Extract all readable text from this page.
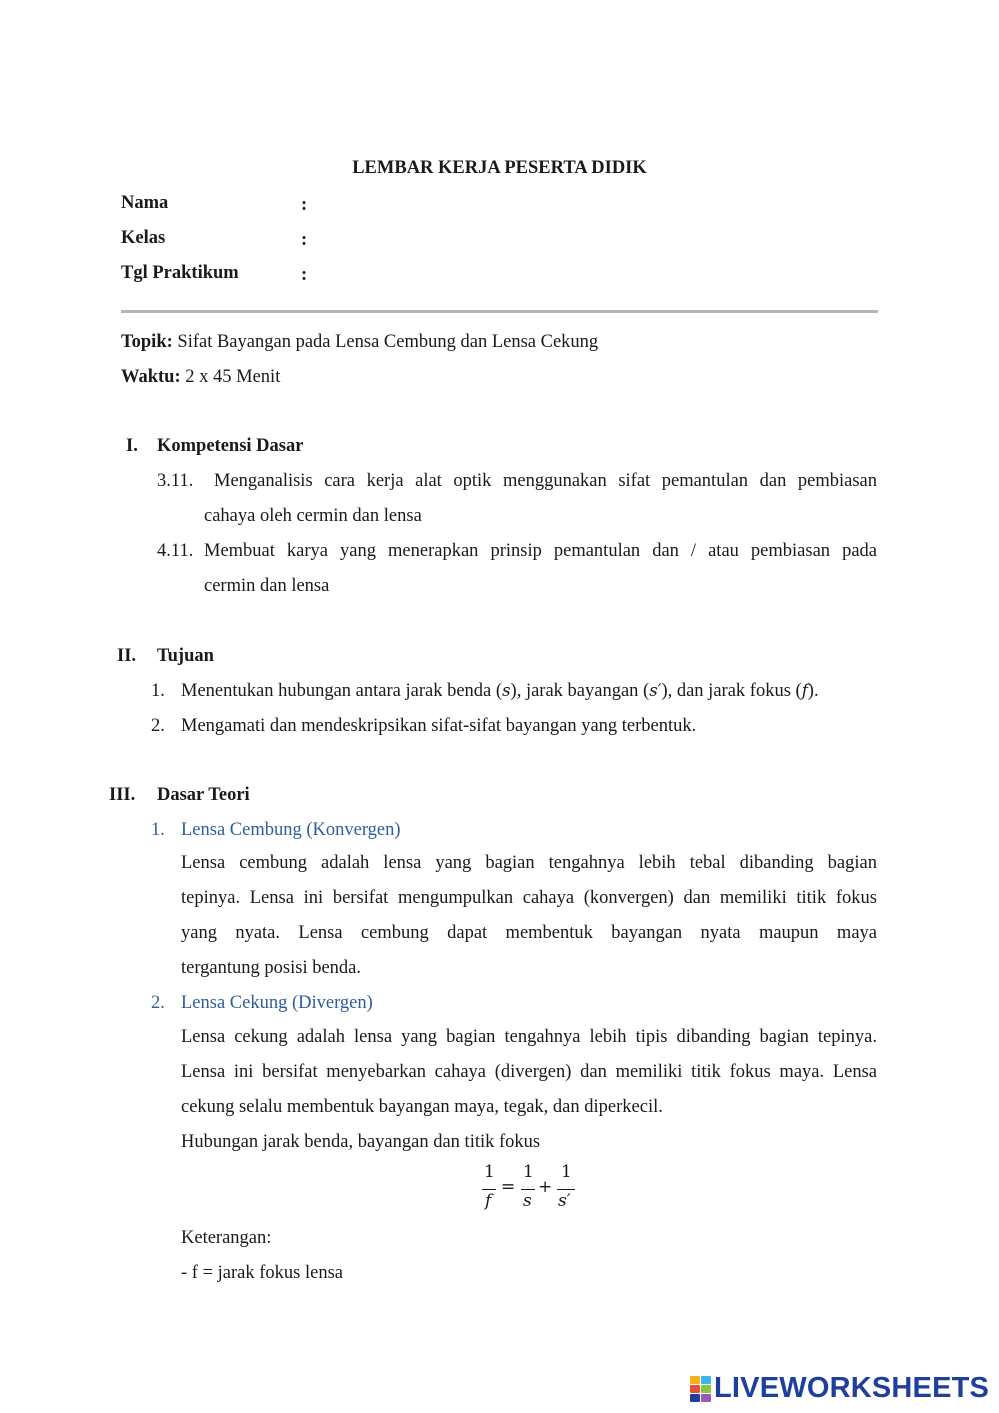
LEMBAR KERJA PESERTA DIDIK
Nama	:
Kelas	:
Tgl Praktikum	:
Topik: Sifat Bayangan pada Lensa Cembung dan Lensa Cekung
Waktu: 2 x 45 Menit
I. Kompetensi Dasar
3.11. Menganalisis cara kerja alat optik menggunakan sifat pemantulan dan pembiasan
cahaya oleh cermin dan lensa
4.11. Membuat karya yang menerapkan prinsip pemantulan dan / atau pembiasan pada
cermin dan lensa
II. Tujuan
1. Menentukan hubungan antara jarak benda (s), jarak bayangan (s′), dan jarak fokus (f).
2. Mengamati dan mendeskripsikan sifat-sifat bayangan yang terbentuk.
III. Dasar Teori
1. Lensa Cembung (Konvergen)
Lensa cembung adalah lensa yang bagian tengahnya lebih tebal dibanding bagian
tepinya. Lensa ini bersifat mengumpulkan cahaya (konvergen) dan memiliki titik fokus
yang nyata. Lensa cembung dapat membentuk bayangan nyata maupun maya
tergantung posisi benda.
2. Lensa Cekung (Divergen)
Lensa cekung adalah lensa yang bagian tengahnya lebih tipis dibanding bagian tepinya.
Lensa ini bersifat menyebarkan cahaya (divergen) dan memiliki titik fokus maya. Lensa
cekung selalu membentuk bayangan maya, tegak, dan diperkecil.
Hubungan jarak benda, bayangan dan titik fokus
1
f
=
1
s
+
1
s′
Keterangan:
- f = jarak fokus lensa
LIVEWORKSHEETS
